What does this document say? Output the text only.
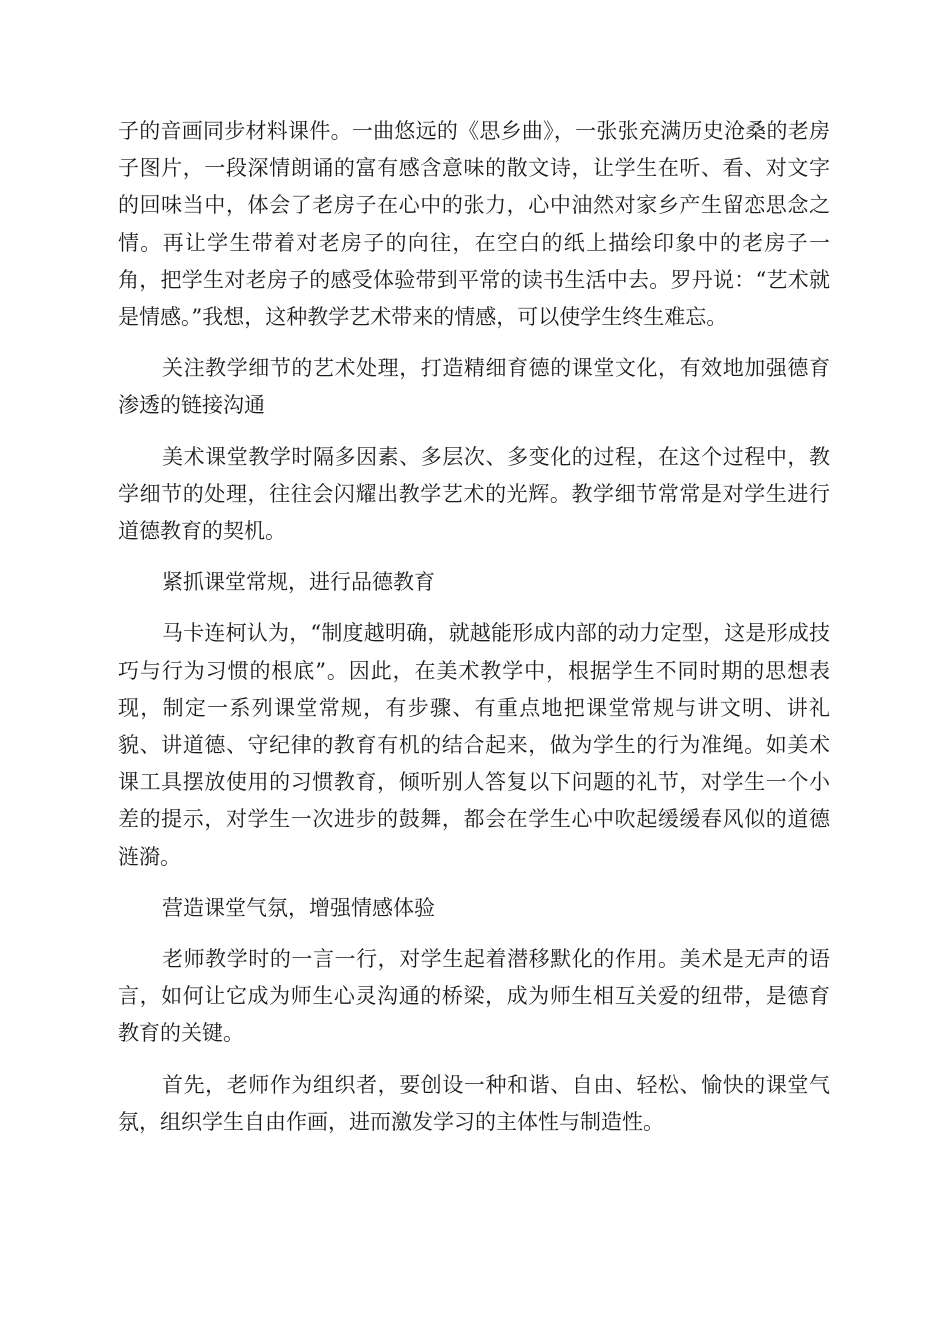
子的音画同步材料课件。一曲悠远的《思乡曲》，一张张充满历史沧桑的老房子图片，一段深情朗诵的富有感含意味的散文诗，让学生在听、看、对文字的回味当中，体会了老房子在心中的张力，心中油然对家乡产生留恋思念之情。再让学生带着对老房子的向往，在空白的纸上描绘印象中的老房子一角，把学生对老房子的感受体验带到平常的读书生活中去。罗丹说：“艺术就是情感。”我想，这种教学艺术带来的情感，可以使学生终生难忘。

关注教学细节的艺术处理，打造精细育德的课堂文化，有效地加强德育渗透的链接沟通

美术课堂教学时隔多因素、多层次、多变化的过程，在这个过程中，教学细节的处理，往往会闪耀出教学艺术的光辉。教学细节常常是对学生进行道德教育的契机。

紧抓课堂常规，进行品德教育

马卡连柯认为，“制度越明确，就越能形成内部的动力定型，这是形成技巧与行为习惯的根底”。因此，在美术教学中，根据学生不同时期的思想表现，制定一系列课堂常规，有步骤、有重点地把课堂常规与讲文明、讲礼貌、讲道德、守纪律的教育有机的结合起来，做为学生的行为准绳。如美术课工具摆放使用的习惯教育，倾听别人答复以下问题的礼节，对学生一个小差的提示，对学生一次进步的鼓舞，都会在学生心中吹起缓缓春风似的道德涟漪。

营造课堂气氛，增强情感体验

老师教学时的一言一行，对学生起着潜移默化的作用。美术是无声的语言，如何让它成为师生心灵沟通的桥梁，成为师生相互关爱的纽带，是德育教育的关键。

首先，老师作为组织者，要创设一种和谐、自由、轻松、愉快的课堂气氛，组织学生自由作画，进而激发学习的主体性与制造性。
